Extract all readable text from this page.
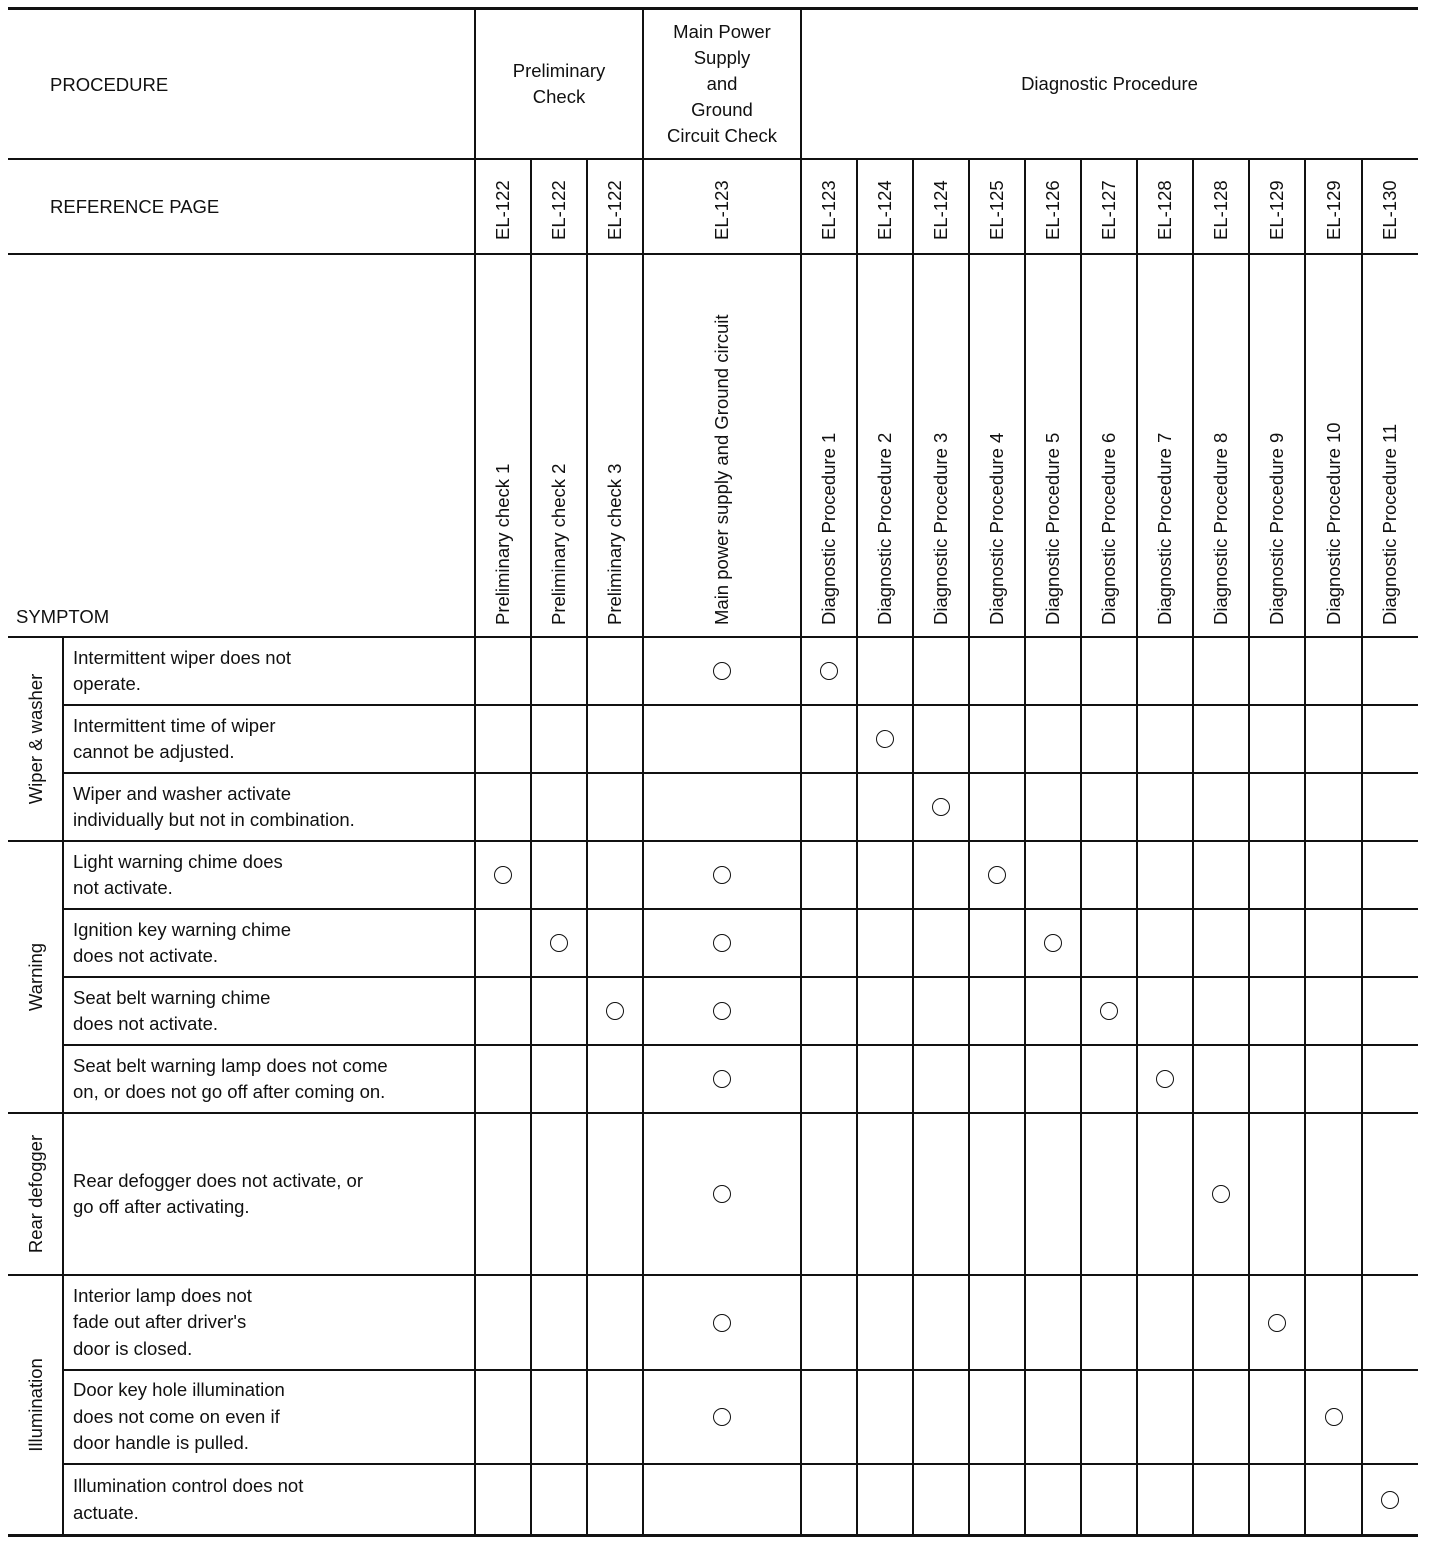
PROCEDURE
REFERENCE PAGE
SYMPTOM
Preliminary
Check
Main Power
Supply
and
Ground
Circuit Check
Diagnostic Procedure
EL-122
Preliminary check 1
EL-122
Preliminary check 2
EL-122
Preliminary check 3
EL-123
Main power supply and Ground circuit
EL-123
Diagnostic Procedure 1
EL-124
Diagnostic Procedure 2
EL-124
Diagnostic Procedure 3
EL-125
Diagnostic Procedure 4
EL-126
Diagnostic Procedure 5
EL-127
Diagnostic Procedure 6
EL-128
Diagnostic Procedure 7
EL-128
Diagnostic Procedure 8
EL-129
Diagnostic Procedure 9
EL-129
Diagnostic Procedure 10
EL-130
Diagnostic Procedure 11
Wiper & washer
Warning
Rear defogger
Illumination
Intermittent wiper does not
operate.
Intermittent time of wiper
cannot be adjusted.
Wiper and washer activate
individually but not in combination.
Light warning chime does
not activate.
Ignition key warning chime
does not activate.
Seat belt warning chime
does not activate.
Seat belt warning lamp does not come
on, or does not go off after coming on.
Rear defogger does not activate, or
go off after activating.
Interior lamp does not
fade out after driver's
door is closed.
Door key hole illumination
does not come on even if
door handle is pulled.
Illumination control does not
actuate.
